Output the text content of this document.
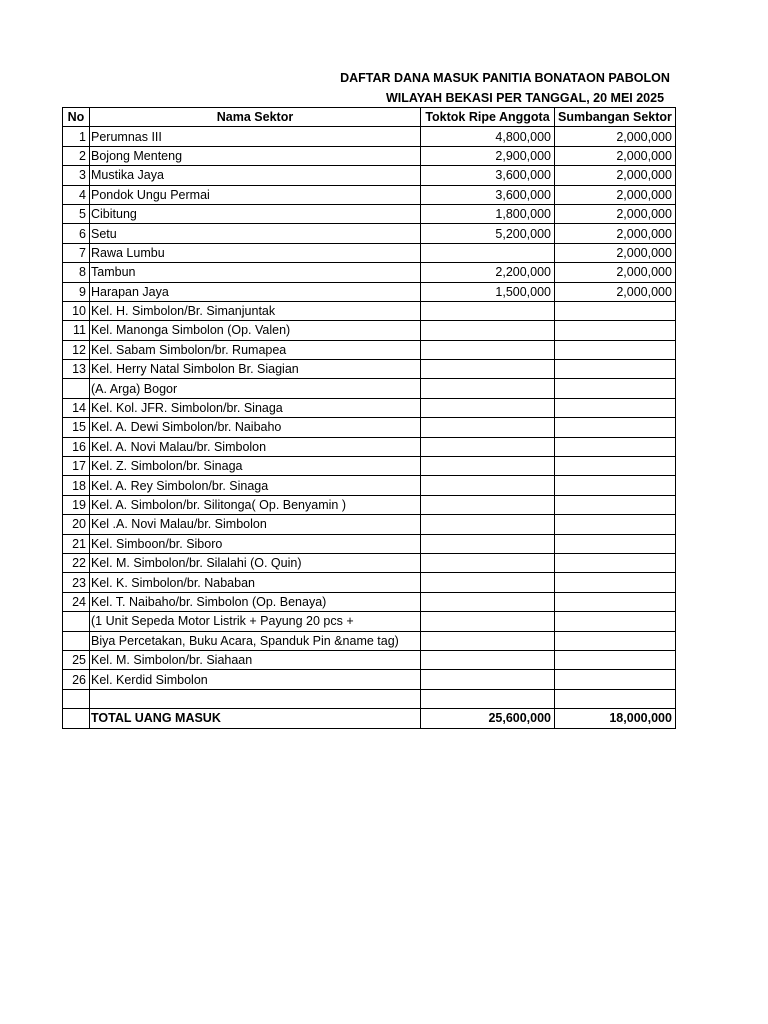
DAFTAR DANA MASUK PANITIA BONATAON PABOLON
WILAYAH BEKASI PER TANGGAL, 20 MEI 2025
No	Nama Sektor	Toktok Ripe Anggota	Sumbangan Sektor
1	Perumnas III	4,800,000	2,000,000
2	Bojong Menteng	2,900,000	2,000,000
3	Mustika Jaya	3,600,000	2,000,000
4	Pondok Ungu Permai	3,600,000	2,000,000
5	Cibitung	1,800,000	2,000,000
6	Setu	5,200,000	2,000,000
7	Rawa Lumbu		2,000,000
8	Tambun	2,200,000	2,000,000
9	Harapan Jaya	1,500,000	2,000,000
10	Kel. H. Simbolon/Br. Simanjuntak		
11	Kel. Manonga Simbolon (Op. Valen)		
12	Kel. Sabam Simbolon/br. Rumapea		
13	Kel. Herry Natal Simbolon Br. Siagian		
	(A. Arga) Bogor		
14	Kel. Kol. JFR. Simbolon/br. Sinaga		
15	Kel. A. Dewi Simbolon/br. Naibaho		
16	Kel. A. Novi Malau/br. Simbolon		
17	Kel. Z. Simbolon/br. Sinaga		
18	Kel. A. Rey Simbolon/br. Sinaga		
19	Kel. A. Simbolon/br. Silitonga( Op. Benyamin )		
20	Kel .A. Novi Malau/br. Simbolon		
21	Kel. Simboon/br. Siboro		
22	Kel. M. Simbolon/br. Silalahi (O. Quin)		
23	Kel. K. Simbolon/br. Nababan		
24	Kel. T. Naibaho/br. Simbolon (Op. Benaya)		
	(1 Unit Sepeda Motor Listrik + Payung 20 pcs +		
	Biya Percetakan, Buku Acara, Spanduk Pin &name tag)		
25	Kel. M. Simbolon/br. Siahaan		
26	Kel. Kerdid Simbolon		

	TOTAL UANG MASUK	25,600,000	18,000,000
